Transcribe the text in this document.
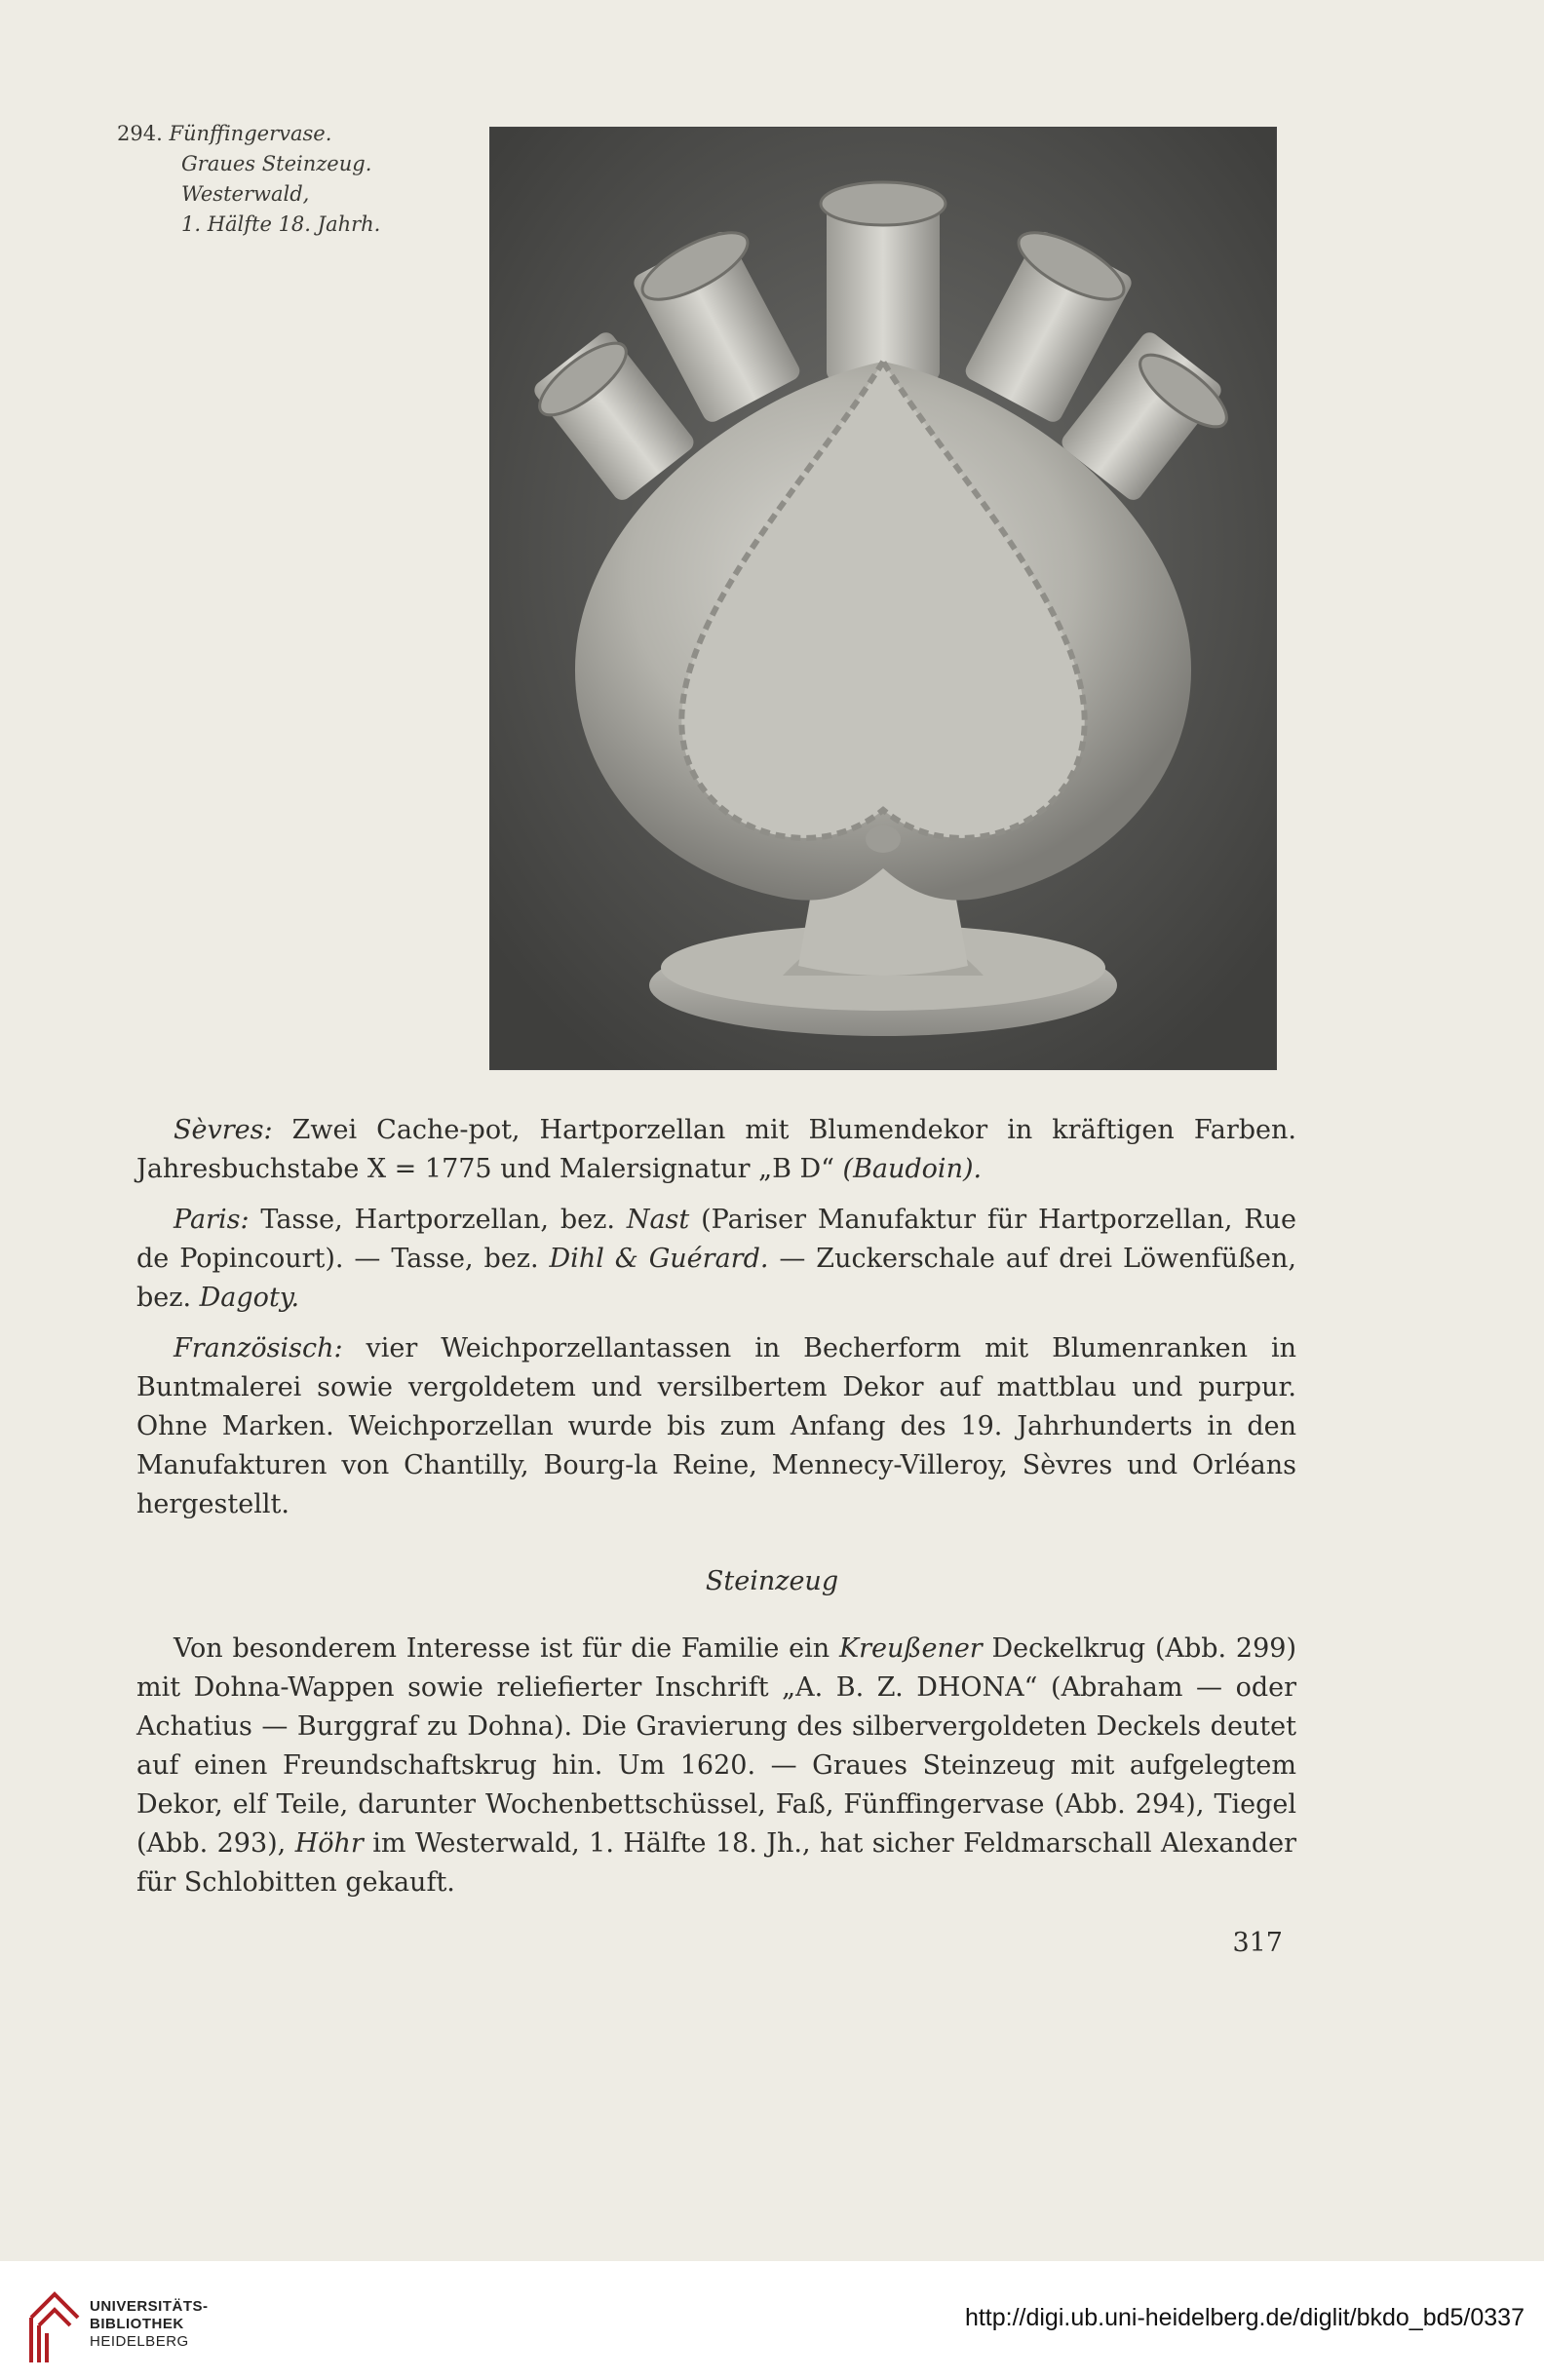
294. Fünffingervase.
Graues Steinzeug.
Westerwald,
1. Hälfte 18. Jahrh.

Sèvres: Zwei Cache-pot, Hartporzellan mit Blumendekor in kräftigen Farben. Jahresbuchstabe X = 1775 und Malersignatur „B D“ (Baudoin).

Paris: Tasse, Hartporzellan, bez. Nast (Pariser Manufaktur für Hartporzellan, Rue de Popincourt). — Tasse, bez. Dihl & Guérard. — Zuckerschale auf drei Löwenfüßen, bez. Dagoty.

Französisch: vier Weichporzellantassen in Becherform mit Blumenranken in Buntmalerei sowie vergoldetem und versilbertem Dekor auf mattblau und purpur. Ohne Marken. Weichporzellan wurde bis zum Anfang des 19. Jahrhunderts in den Manufakturen von Chantilly, Bourg-la Reine, Mennecy-Villeroy, Sèvres und Orléans hergestellt.

Steinzeug

Von besonderem Interesse ist für die Familie ein Kreußener Deckelkrug (Abb. 299) mit Dohna-Wappen sowie reliefierter Inschrift „A. B. Z. DHONA“ (Abraham — oder Achatius — Burggraf zu Dohna). Die Gravierung des silbervergoldeten Deckels deutet auf einen Freundschaftskrug hin. Um 1620. — Graues Steinzeug mit aufgelegtem Dekor, elf Teile, darunter Wochenbettschüssel, Faß, Fünffingervase (Abb. 294), Tiegel (Abb. 293), Höhr im Westerwald, 1. Hälfte 18. Jh., hat sicher Feldmarschall Alexander für Schlobitten gekauft.

317
UNIVERSITÄTS-
BIBLIOTHEK
HEIDELBERG
http://digi.ub.uni-heidelberg.de/diglit/bkdo_bd5/0337
